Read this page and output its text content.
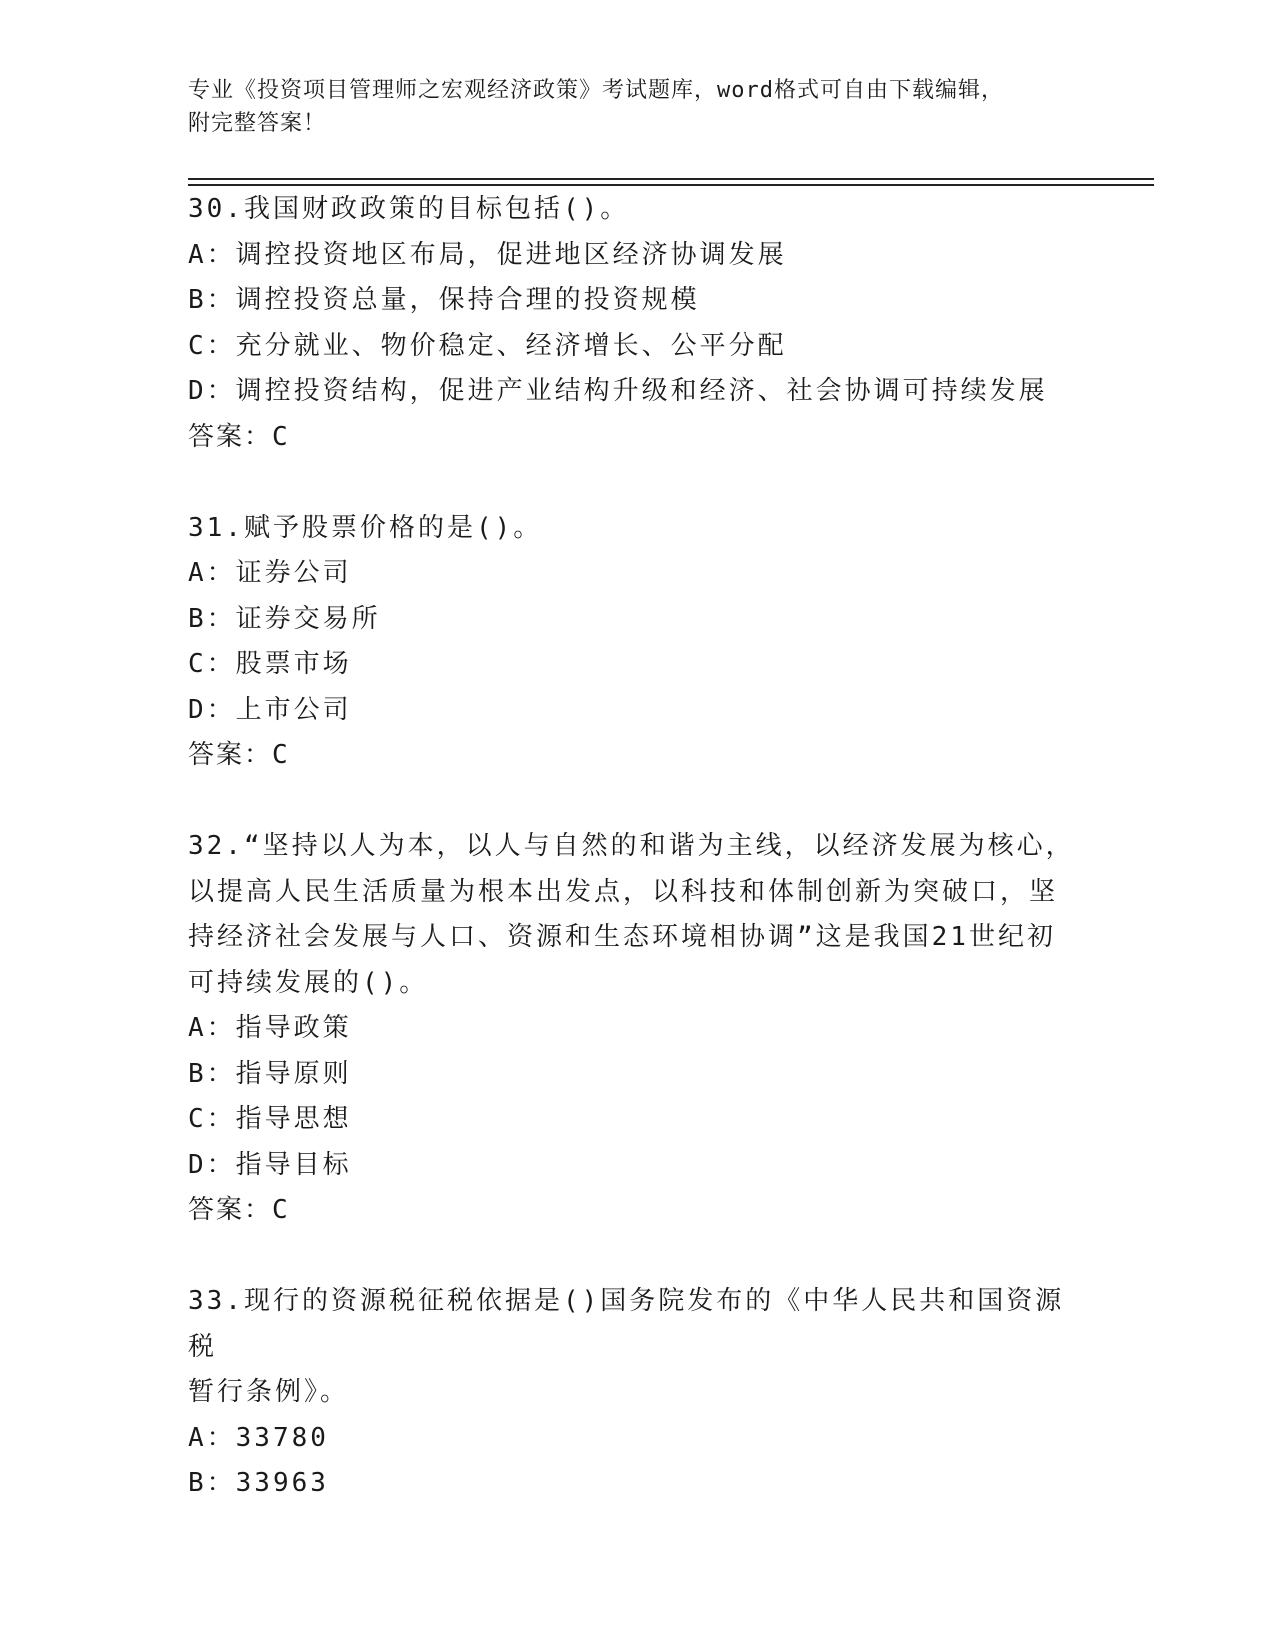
专业《投资项目管理师之宏观经济政策》考试题库，word格式可自由下载编辑，
附完整答案！
30.我国财政政策的目标包括()。
A：调控投资地区布局，促进地区经济协调发展
B：调控投资总量，保持合理的投资规模
C：充分就业、物价稳定、经济增长、公平分配
D：调控投资结构，促进产业结构升级和经济、社会协调可持续发展
答案：C
31.赋予股票价格的是()。
A：证券公司
B：证券交易所
C：股票市场
D：上市公司
答案：C
32.“坚持以人为本，以人与自然的和谐为主线，以经济发展为核心，
以提高人民生活质量为根本出发点，以科技和体制创新为突破口，坚
持经济社会发展与人口、资源和生态环境相协调”这是我国21世纪初
可持续发展的()。
A：指导政策
B：指导原则
C：指导思想
D：指导目标
答案：C
33.现行的资源税征税依据是()国务院发布的《中华人民共和国资源税
暂行条例》。
A：33780
B：33963
